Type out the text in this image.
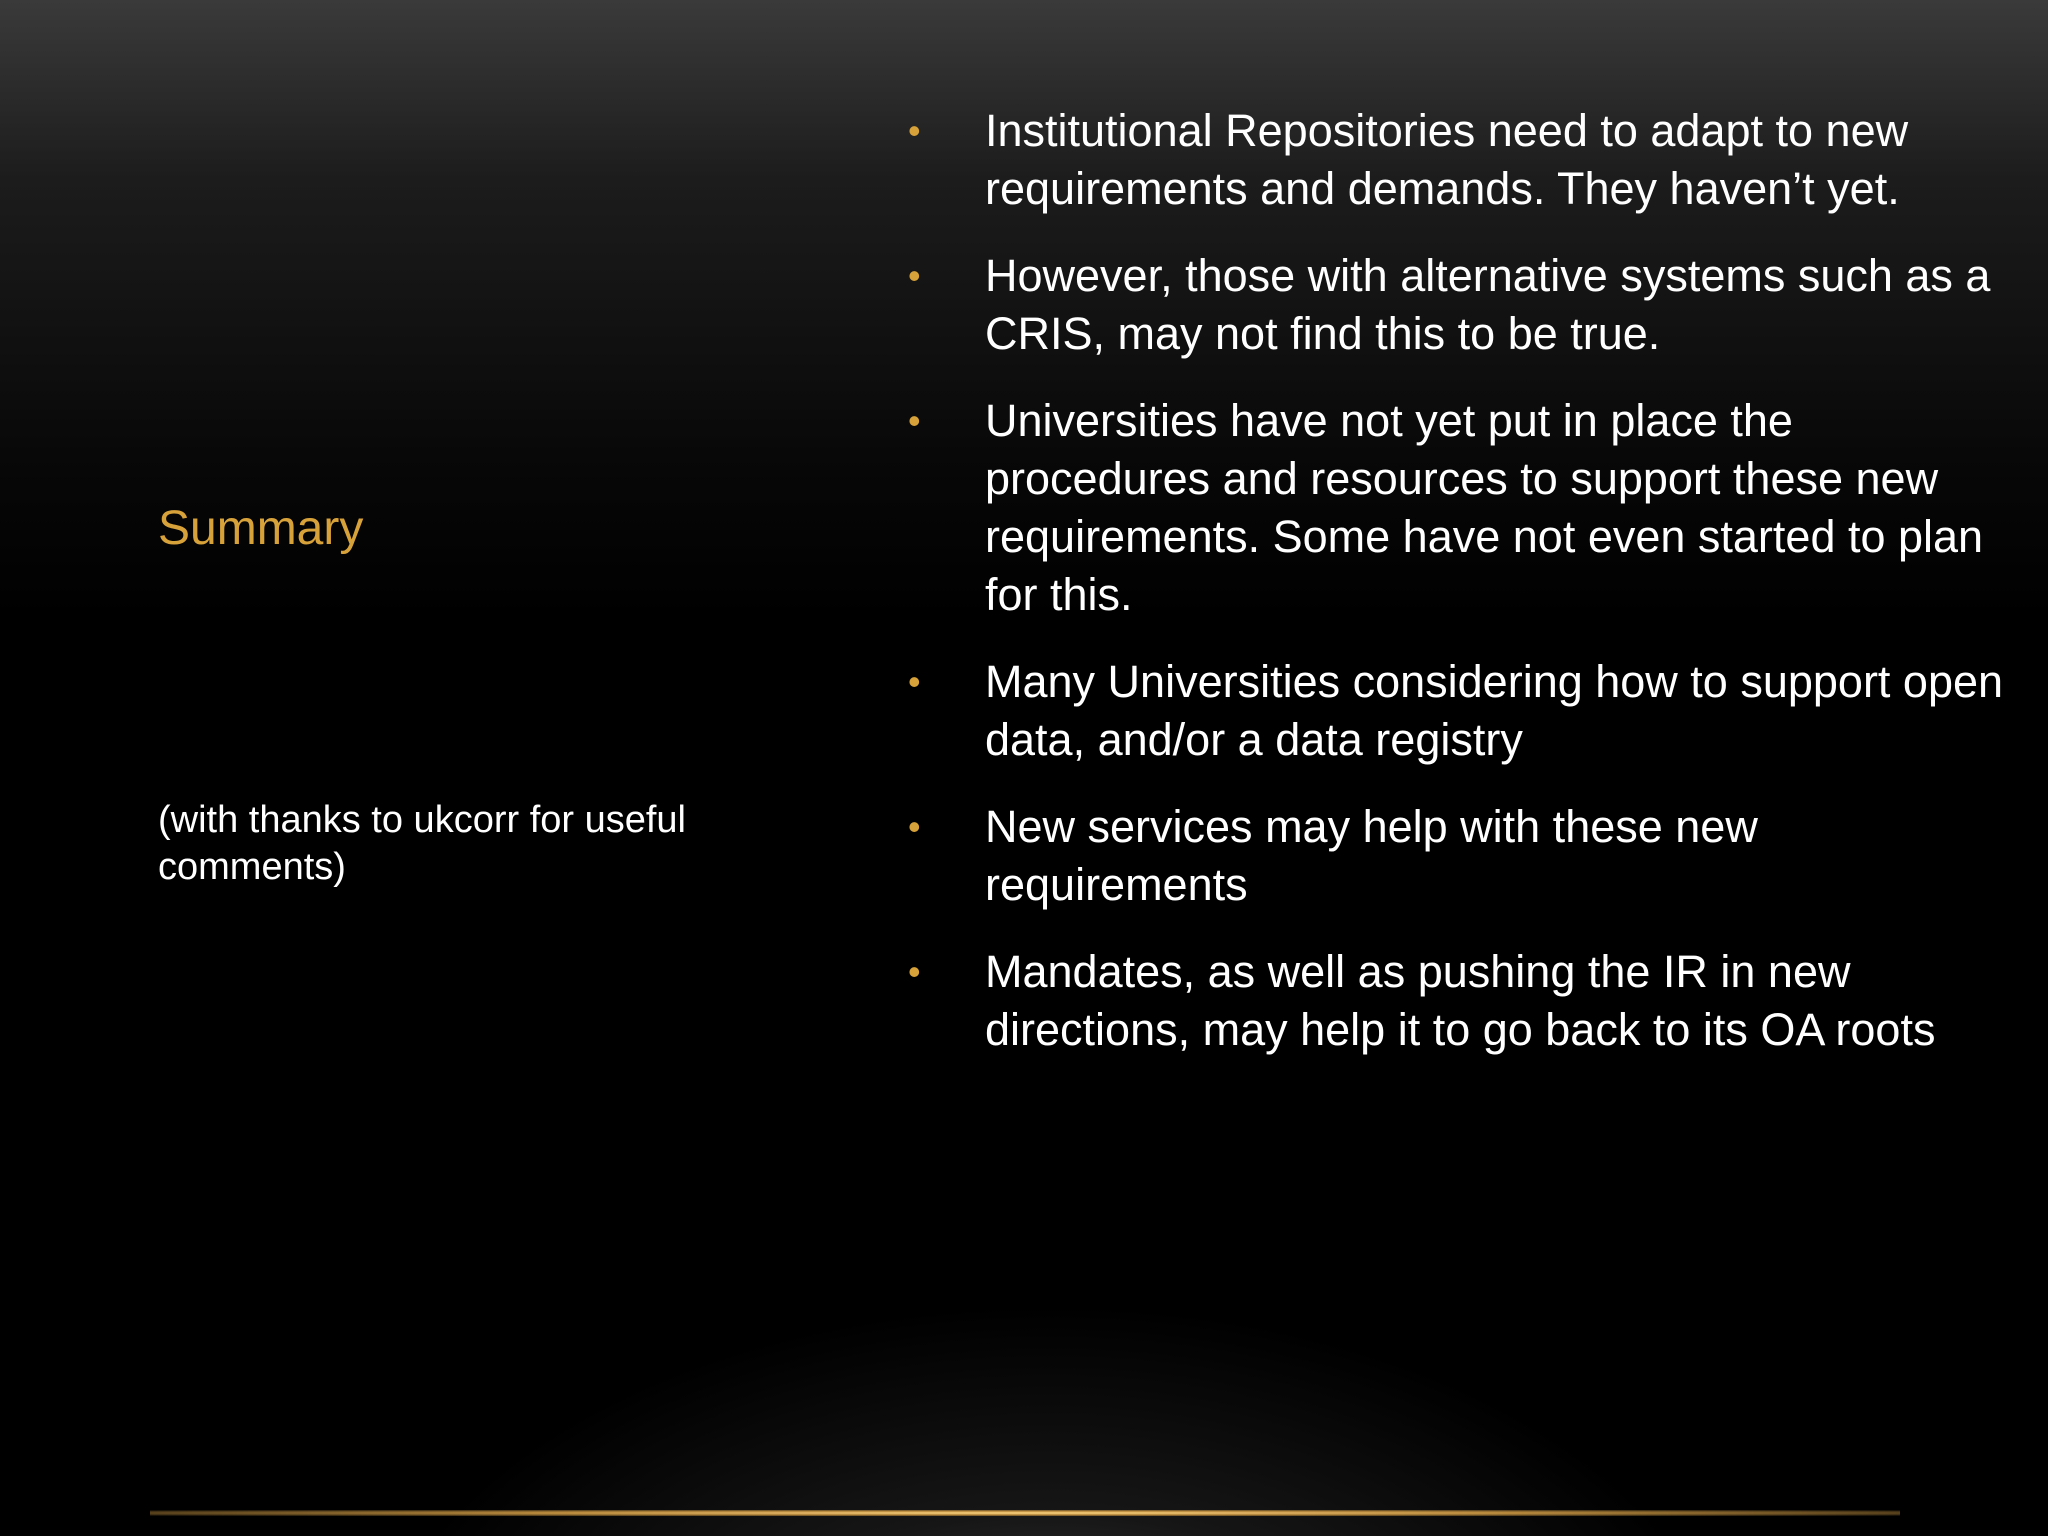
Summary

(with thanks to ukcorr for useful comments)

• Institutional Repositories need to adapt to new requirements and demands. They haven’t yet.
• However, those with alternative systems such as a CRIS, may not find this to be true.
• Universities have not yet put in place the procedures and resources to support these new requirements. Some have not even started to plan for this.
• Many Universities considering how to support open data, and/or a data registry
• New services may help with these new requirements
• Mandates, as well as pushing the IR in new directions, may help it to go back to its OA roots
